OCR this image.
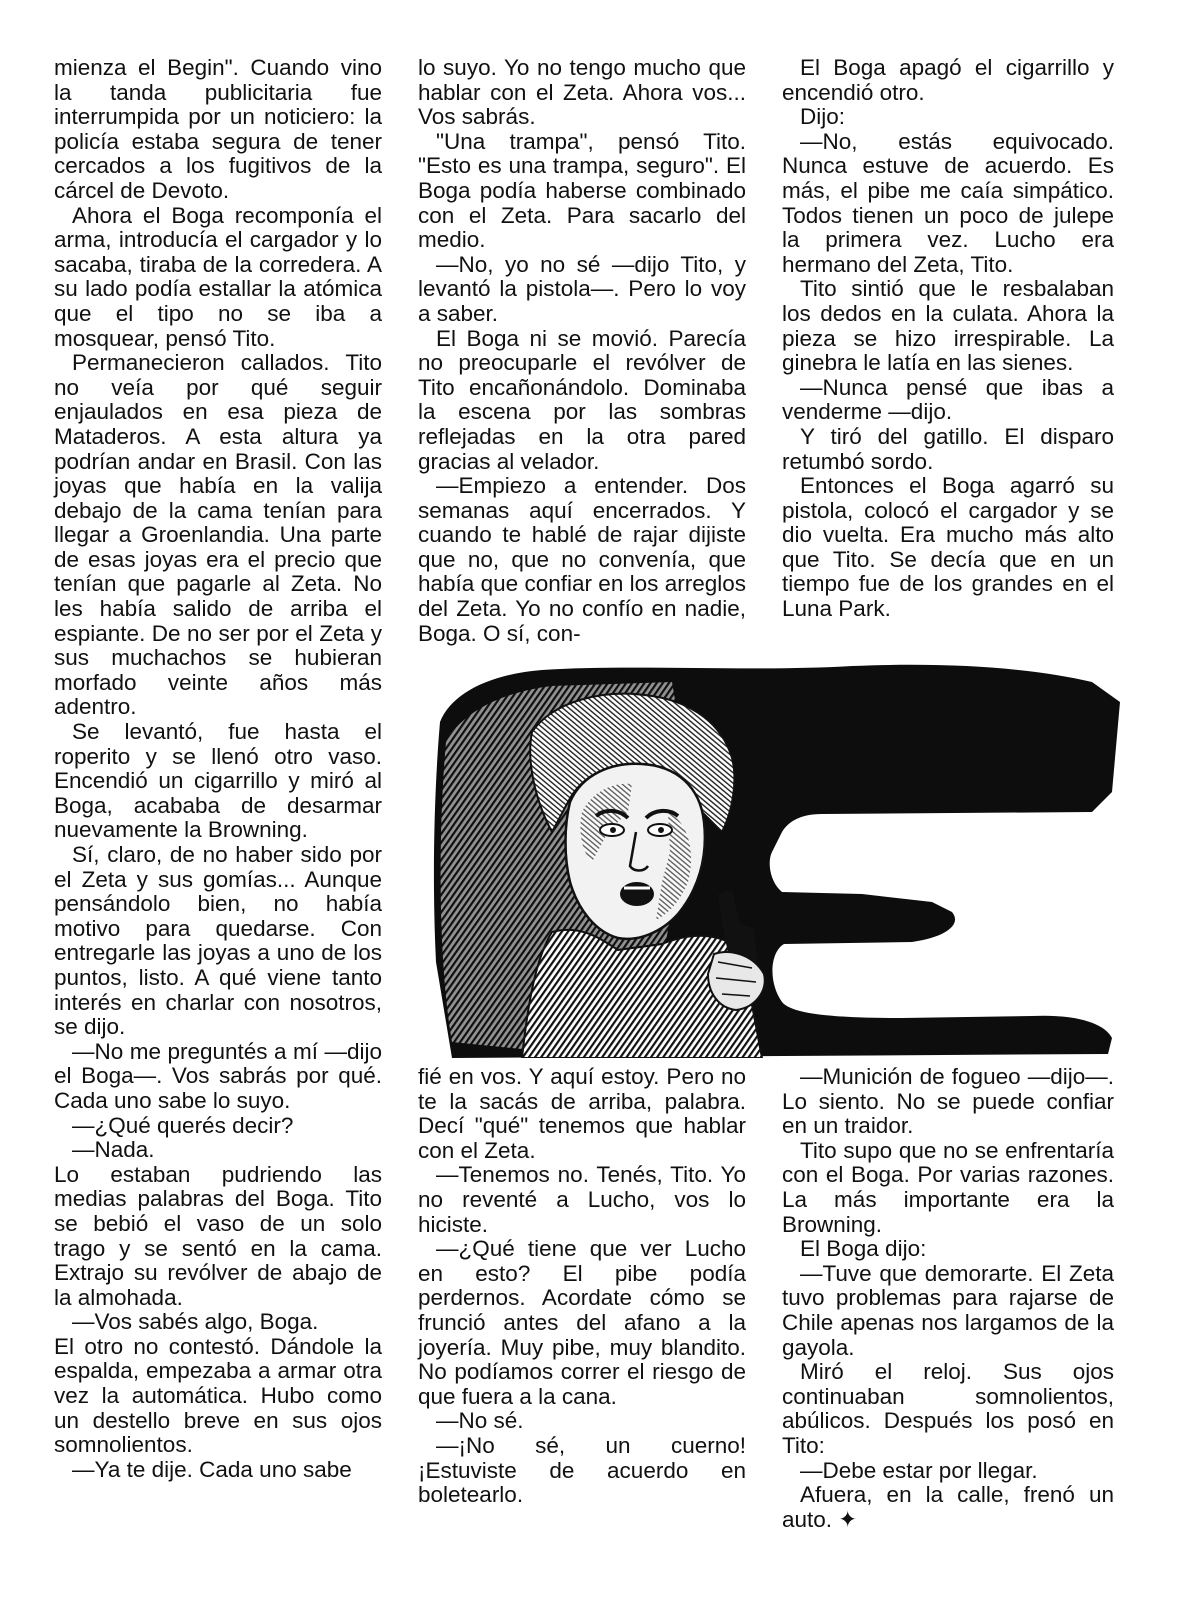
mienza el Begin". Cuando vino la tanda publicitaria fue interrumpida por un noticiero: la policía estaba segura de tener cercados a los fugitivos de la cárcel de Devoto.

Ahora el Boga recomponía el arma, introducía el cargador y lo sacaba, tiraba de la corredera. A su lado podía estallar la atómica que el tipo no se iba a mosquear, pensó Tito.

Permanecieron callados. Tito no veía por qué seguir enjaulados en esa pieza de Mataderos. A esta altura ya podrían andar en Brasil. Con las joyas que había en la valija debajo de la cama tenían para llegar a Groenlandia. Una parte de esas joyas era el precio que tenían que pagarle al Zeta. No les había salido de arriba el espiante. De no ser por el Zeta y sus muchachos se hubieran morfado veinte años más adentro.

Se levantó, fue hasta el roperito y se llenó otro vaso. Encendió un cigarrillo y miró al Boga, acababa de desarmar nuevamente la Browning.

Sí, claro, de no haber sido por el Zeta y sus gomías... Aunque pensándolo bien, no había motivo para quedarse. Con entregarle las joyas a uno de los puntos, listo. A qué viene tanto interés en charlar con nosotros, se dijo.

—No me preguntés a mí —dijo el Boga—. Vos sabrás por qué. Cada uno sabe lo suyo.

—¿Qué querés decir?

—Nada.

Lo estaban pudriendo las medias palabras del Boga. Tito se bebió el vaso de un solo trago y se sentó en la cama. Extrajo su revólver de abajo de la almohada.

—Vos sabés algo, Boga.

El otro no contestó. Dándole la espalda, empezaba a armar otra vez la automática. Hubo como un destello breve en sus ojos somnolientos.

—Ya te dije. Cada uno sabe

lo suyo. Yo no tengo mucho que hablar con el Zeta. Ahora vos... Vos sabrás.

"Una trampa", pensó Tito. "Esto es una trampa, seguro". El Boga podía haberse combinado con el Zeta. Para sacarlo del medio.

—No, yo no sé —dijo Tito, y levantó la pistola—. Pero lo voy a saber.

El Boga ni se movió. Parecía no preocuparle el revólver de Tito encañonándolo. Dominaba la escena por las sombras reflejadas en la otra pared gracias al velador.

—Empiezo a entender. Dos semanas aquí encerrados. Y cuando te hablé de rajar dijiste que no, que no convenía, que había que confiar en los arreglos del Zeta. Yo no confío en nadie, Boga. O sí, con-

El Boga apagó el cigarrillo y encendió otro.

Dijo:

—No, estás equivocado. Nunca estuve de acuerdo. Es más, el pibe me caía simpático. Todos tienen un poco de julepe la primera vez. Lucho era hermano del Zeta, Tito.

Tito sintió que le resbalaban los dedos en la culata. Ahora la pieza se hizo irrespirable. La ginebra le latía en las sienes.

—Nunca pensé que ibas a venderme —dijo.

Y tiró del gatillo. El disparo retumbó sordo.

Entonces el Boga agarró su pistola, colocó el cargador y se dio vuelta. Era mucho más alto que Tito. Se decía que en un tiempo fue de los grandes en el Luna Park.

fié en vos. Y aquí estoy. Pero no te la sacás de arriba, palabra. Decí "qué" tenemos que hablar con el Zeta.

—Tenemos no. Tenés, Tito. Yo no reventé a Lucho, vos lo hiciste.

—¿Qué tiene que ver Lucho en esto? El pibe podía perdernos. Acordate cómo se frunció antes del afano a la joyería. Muy pibe, muy blandito. No podíamos correr el riesgo de que fuera a la cana.

—No sé.

—¡No sé, un cuerno! ¡Estuviste de acuerdo en boletearlo.

—Munición de fogueo —dijo—. Lo siento. No se puede confiar en un traidor.

Tito supo que no se enfrentaría con el Boga. Por varias razones. La más importante era la Browning.

El Boga dijo:

—Tuve que demorarte. El Zeta tuvo problemas para rajarse de Chile apenas nos largamos de la gayola.

Miró el reloj. Sus ojos continuaban somnolientos, abúlicos. Después los posó en Tito:

—Debe estar por llegar.

Afuera, en la calle, frenó un auto. ✦
